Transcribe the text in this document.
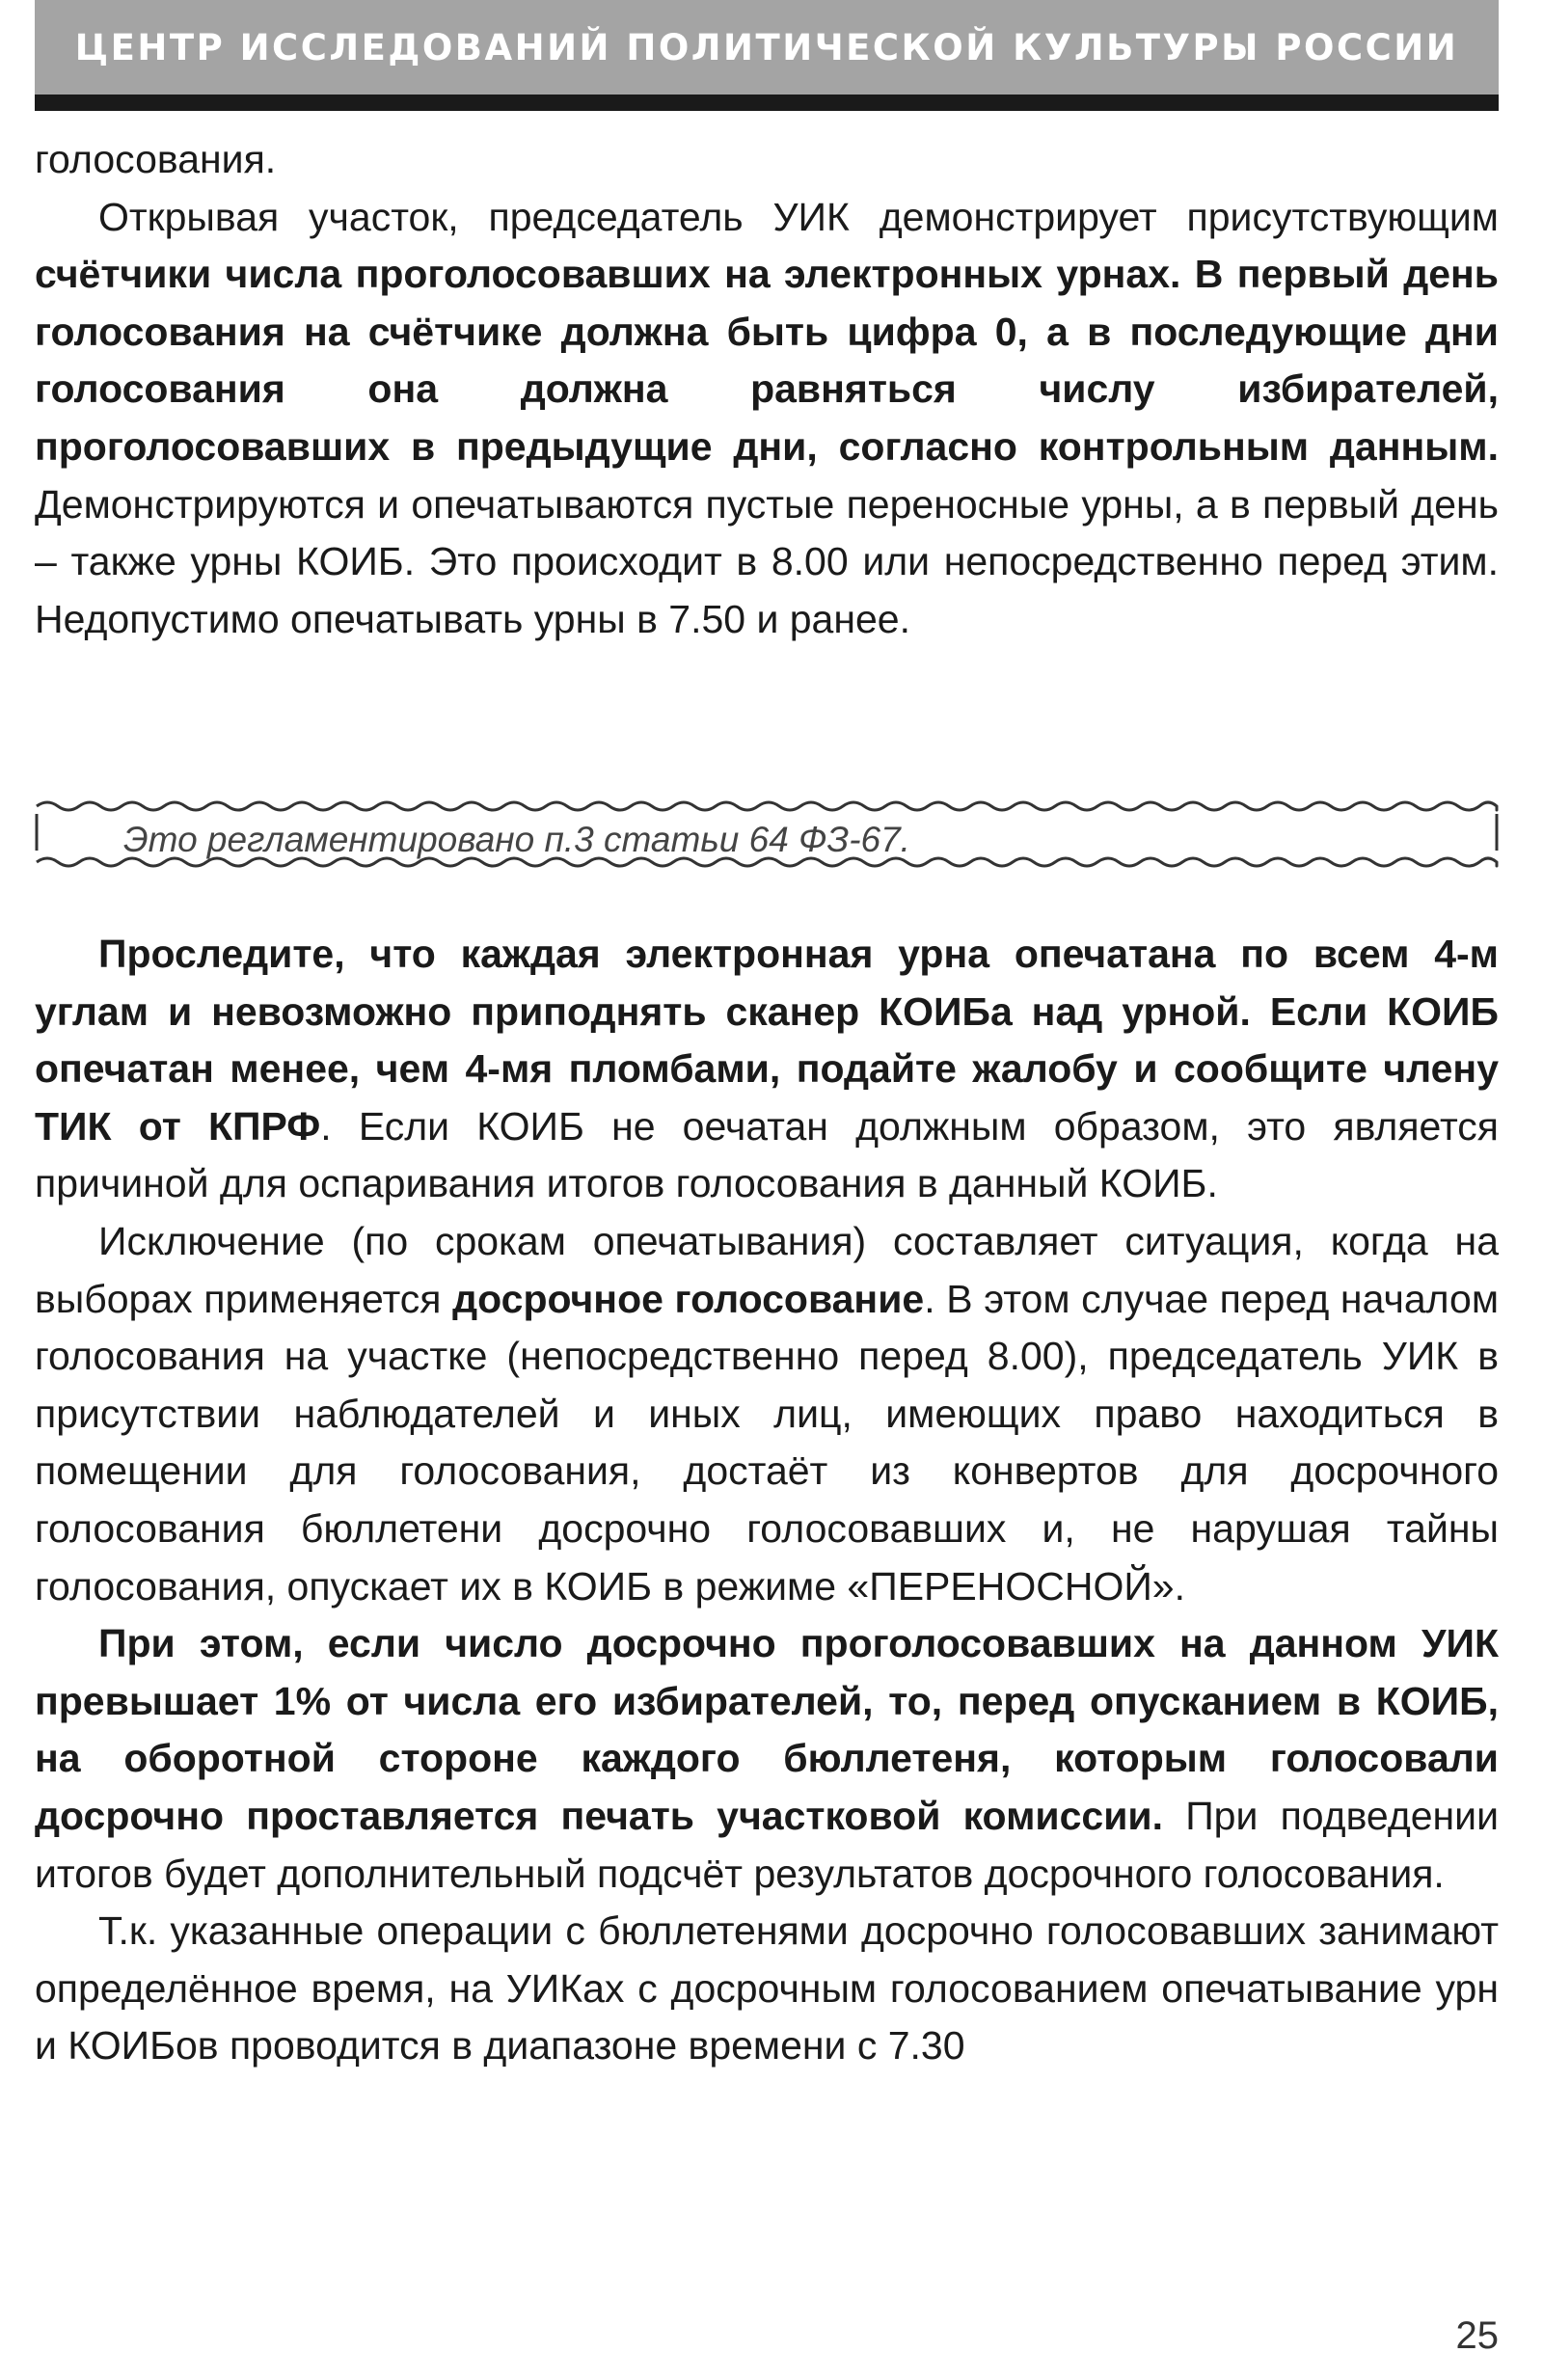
ЦЕНТР ИССЛЕДОВАНИЙ ПОЛИТИЧЕСКОЙ КУЛЬТУРЫ РОССИИ

голосования.

Открывая участок, председатель УИК демонстрирует присутствующим счётчики числа проголосовавших на электронных урнах. В первый день голосования на счётчике должна быть цифра 0, а в последующие дни голосования она должна равняться числу избирателей, проголосовавших в предыдущие дни, согласно контрольным данным. Демонстрируются и опечатываются пустые переносные урны, а в первый день – также урны КОИБ. Это происходит в 8.00 или непосредственно перед этим. Недопустимо опечатывать урны в 7.50 и ранее.

Это регламентировано п.3 статьи 64 ФЗ-67.

Проследите, что каждая электронная урна опечатана по всем 4-м углам и невозможно приподнять сканер КОИБа над урной. Если КОИБ опечатан менее, чем 4-мя пломбами, подайте жалобу и сообщите члену ТИК от КПРФ. Если КОИБ не оечатан должным образом, это является причиной для оспаривания итогов голосования в данный КОИБ.

Исключение (по срокам опечатывания) составляет ситуация, когда на выборах применяется досрочное голосование. В этом случае перед началом голосования на участке (непосредственно перед 8.00), председатель УИК в присутствии наблюдателей и иных лиц, имеющих право находиться в помещении для голосования, достаёт из конвертов для досрочного голосования бюллетени досрочно голосовавших и, не нарушая тайны голосования, опускает их в КОИБ в режиме «ПЕРЕНОСНОЙ».

При этом, если число досрочно проголосовавших на данном УИК превышает 1% от числа его избирателей, то, перед опусканием в КОИБ, на оборотной стороне каждого бюллетеня, которым голосовали досрочно проставляется печать участковой комиссии. При подведении итогов будет дополнительный подсчёт результатов досрочного голосования.

Т.к. указанные операции с бюллетенями досрочно голосовавших занимают определённое время, на УИКах с досрочным голосованием опечатывание урн и КОИБов проводится в диапазоне времени с 7.30

25
